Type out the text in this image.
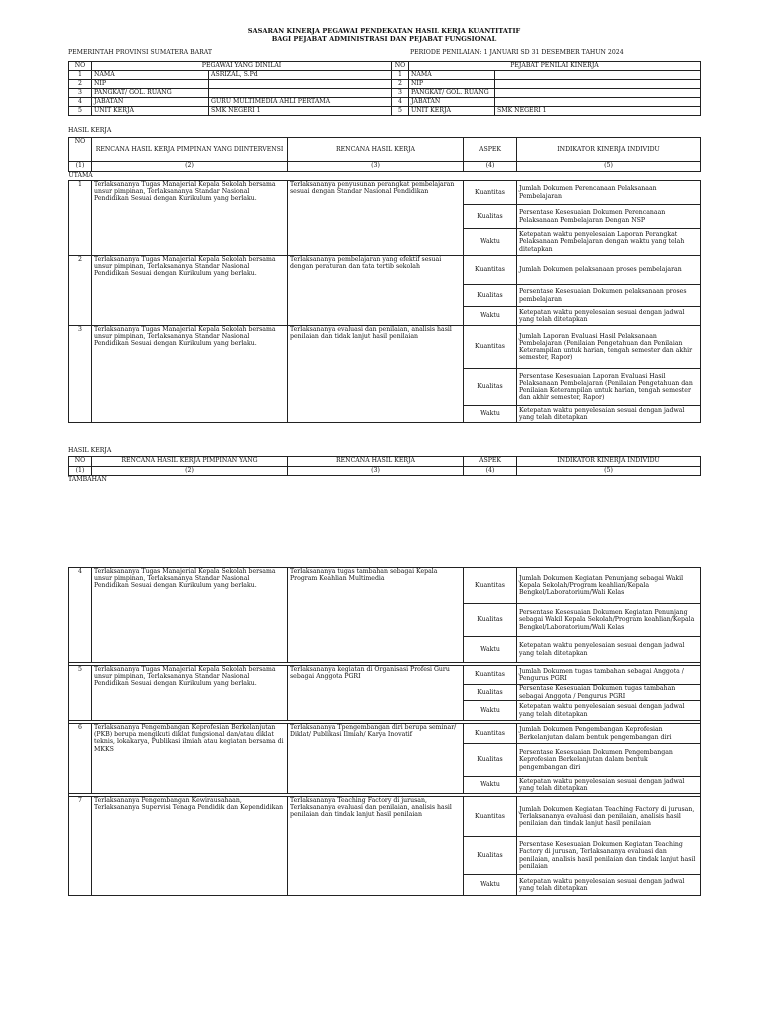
SASARAN KINERJA PEGAWAI PENDEKATAN HASIL KERJA KUANTITATIF
BAGI PEJABAT ADMINISTRASI DAN PEJABAT FUNGSIONAL
PEMERINTAH PROVINSI SUMATERA BARAT	PERIODE PENILAIAN: 1 JANUARI SD 31 DESEMBER TAHUN 2024
NO	PEGAWAI YANG DINILAI		NO	PEJABAT PENILAI KINERJA	
1	NAMA	ASRIZAL, S.Pd	1	NAMA	
2	NIP		2	NIP	
3	PANGKAT/ GOL. RUANG		3	PANGKAT/ GOL. RUANG	
4	JABATAN	GURU MULTIMEDIA AHLI PERTAMA	4	JABATAN	
5	UNIT KERJA	SMK NEGERI 1	5	UNIT KERJA	SMK NEGERI 1
HASIL KERJA
NO	RENCANA HASIL KERJA PIMPINAN YANG DIINTERVENSI	RENCANA HASIL KERJA	ASPEK	INDIKATOR KINERJA INDIVIDU
(1)	(2)	(3)	(4)	(5)
UTAMA				
1	Terlaksananya Tugas Manajerial Kepala Sekolah bersama unsur pimpinan, Terlaksananya Standar Nasional Pendidikan Sesuai dengan Kurikulum yang berlaku.	Terlaksananya penyusunan perangkat pembelajaran sesuai dengan Standar Nasional Pendidikan	Kuantitas	Jumlah Dokumen Perencanaan Pelaksanaan Pembelajaran
			Kualitas	Persentase Kesesuaian Dokumen Perencanaan Pelaksanaan Pembelajaran Dengan NSP
			Waktu	Ketepatan waktu penyelesaian Laporan Perangkat Pelaksanaan Pembelajaran dengan waktu yang telah ditetapkan
2	Terlaksananya Tugas Manajerial Kepala Sekolah bersama unsur pimpinan, Terlaksananya Standar Nasional Pendidikan Sesuai dengan Kurikulum yang berlaku.	Terlaksananya pembelajaran yang efektif sesuai dengan peraturan dan tata tertib sekolah	Kuantitas	Jumlah Dokumen pelaksanaan proses pembelajaran
			Kualitas	Persentase Kesesuaian Dokumen pelaksanaan proses pembelajaran
			Waktu	Ketepatan waktu penyelesaian sesuai dengan jadwal yang telah ditetapkan
3	Terlaksananya Tugas Manajerial Kepala Sekolah bersama unsur pimpinan, Terlaksananya Standar Nasional Pendidikan Sesuai dengan Kurikulum yang berlaku.	Terlaksananya evaluasi dan penilaian, analisis hasil penilaian dan tidak lanjut hasil penilaian	Kuantitas	Jumlah Laporan Evaluasi Hasil Pelaksanaan Pembelajaran (Penilaian Pengetahuan dan Penilaian Keterampilan untuk harian, tengah semester dan akhir semester, Rapor)
			Kualitas	Persentase Kesesuaian Laporan Evaluasi Hasil Pelaksanaan Pembelajaran (Penilaian Pengetahuan dan Penilaian Keterampilan untuk harian, tengah semester dan akhir semester, Rapor)
			Waktu	Ketepatan waktu penyelesaian sesuai dengan jadwal yang telah ditetapkan
HASIL KERJA
NO	RENCANA HASIL KERJA PIMPINAN YANG	RENCANA HASIL KERJA	ASPEK	INDIKATOR KINERJA INDIVIDU
(1)	(2)	(3)	(4)	(5)
TAMBAHAN
4	Terlaksananya Tugas Manajerial Kepala Sekolah bersama unsur pimpinan, Terlaksananya Standar Nasional Pendidikan Sesuai dengan Kurikulum yang berlaku.	Terlaksananya tugas tambahan sebagai Kepala Program Keahlian Multimedia	Kuantitas	Jumlah Dokumen Kegiatan Penunjang sebagai Wakil Kepala Sekolah/Program keahlian/Kepala Bengkel/Laboratorium/Wali Kelas
			Kualitas	Persentase Kesesuaian Dokumen Kegiatan Penunjang sebagai Wakil Kepala Sekolah/Program keahlian/Kepala Bengkel/Laboratorium/Wali Kelas
			Waktu	Ketepatan waktu penyelesaian sesuai dengan jadwal yang telah ditetapkan

5	Terlaksananya Tugas Manajerial Kepala Sekolah bersama unsur pimpinan, Terlaksananya Standar Nasional Pendidikan Sesuai dengan Kurikulum yang berlaku.	Terlaksananya kegiatan di Organisasi Profesi Guru sebagai Anggota PGRI	Kuantitas	Jumlah Dokumen tugas tambahan sebagai Anggota / Pengurus PGRI
			Kualitas	Persentase Kesesuaian Dokumen tugas tambahan sebagai Anggota / Pengurus PGRI
			Waktu	Ketepatan waktu penyelesaian sesuai dengan jadwal yang telah ditetapkan

6	Terlaksananya Pengembangan Keprofesian Berkelanjutan (PKB) berupa mengikuti diklat fungsional dan/atau diklat teknis, lokakarya, Publikasi ilmiah atau kegiatan bersama di MKKS	Terlaksananya Tpengembangan diri berupa seminar/ Diklat/ Publikasi Ilmiah/ Karya Inovatif	Kuantitas	Jumlah Dokumen Pengembangan Keprofesian Berkelanjutan dalam bentuk pengembangan diri
			Kualitas	Persentase Kesesuaian Dokumen Pengembangan Keprofesian Berkelanjutan dalam bentuk pengembangan diri
			Waktu	Ketepatan waktu penyelesaian sesuai dengan jadwal yang telah ditetapkan

7	Terlaksananya Pengembangan Kewirausahaan, Terlaksananya Supervisi Tenaga Pendidik dan Kependidikan	Terlaksananya Teaching Factory di jurusan, Terlaksananya evaluasi dan penilaian, analisis hasil penilaian dan tindak lanjut hasil penilaian	Kuantitas	Jumlah Dokumen Kegiatan Teaching Factory di jurusan, Terlaksananya evaluasi dan penilaian, analisis hasil penilaian dan tindak lanjut hasil penilaian
			Kualitas	Persentase Kesesuaian Dokumen Kegiatan Teaching Factory di jurusan, Terlaksananya evaluasi dan penilaian, analisis hasil penilaian dan tindak lanjut hasil penilaian
			Waktu	Ketepatan waktu penyelesaian sesuai dengan jadwal yang telah ditetapkan
